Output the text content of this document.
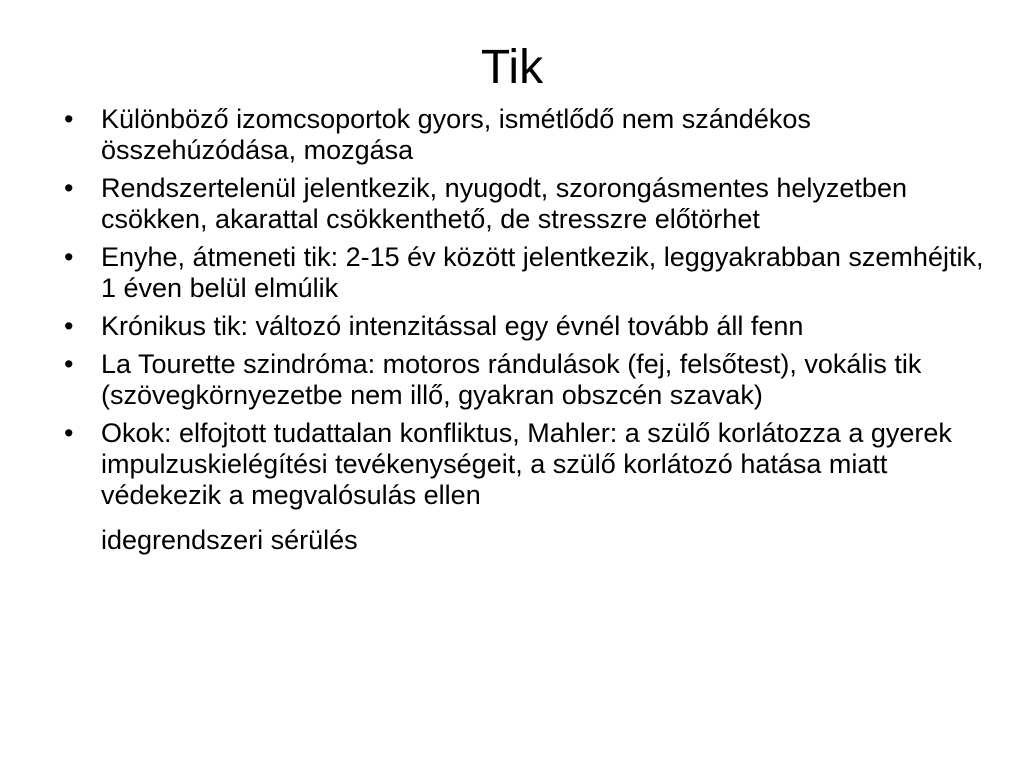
Tik
•	Különböző izomcsoportok gyors, ismétlődő nem szándékos összehúzódása, mozgása
•	Rendszertelenül jelentkezik, nyugodt, szorongásmentes helyzetben csökken, akarattal csökkenthető, de stresszre előtörhet
•	Enyhe, átmeneti tik: 2-15 év között jelentkezik, leggyakrabban szemhéjtik, 1 éven belül elmúlik
•	Krónikus tik: változó intenzitással egy évnél tovább áll fenn
•	La Tourette szindróma: motoros rándulások (fej, felsőtest), vokális tik (szövegkörnyezetbe nem illő, gyakran obszcén szavak)
•	Okok: elfojtott tudattalan konfliktus, Mahler: a szülő korlátozza a gyerek impulzuskielégítési tevékenységeit, a szülő korlátozó hatása miatt védekezik a megvalósulás ellen
idegrendszeri sérülés
